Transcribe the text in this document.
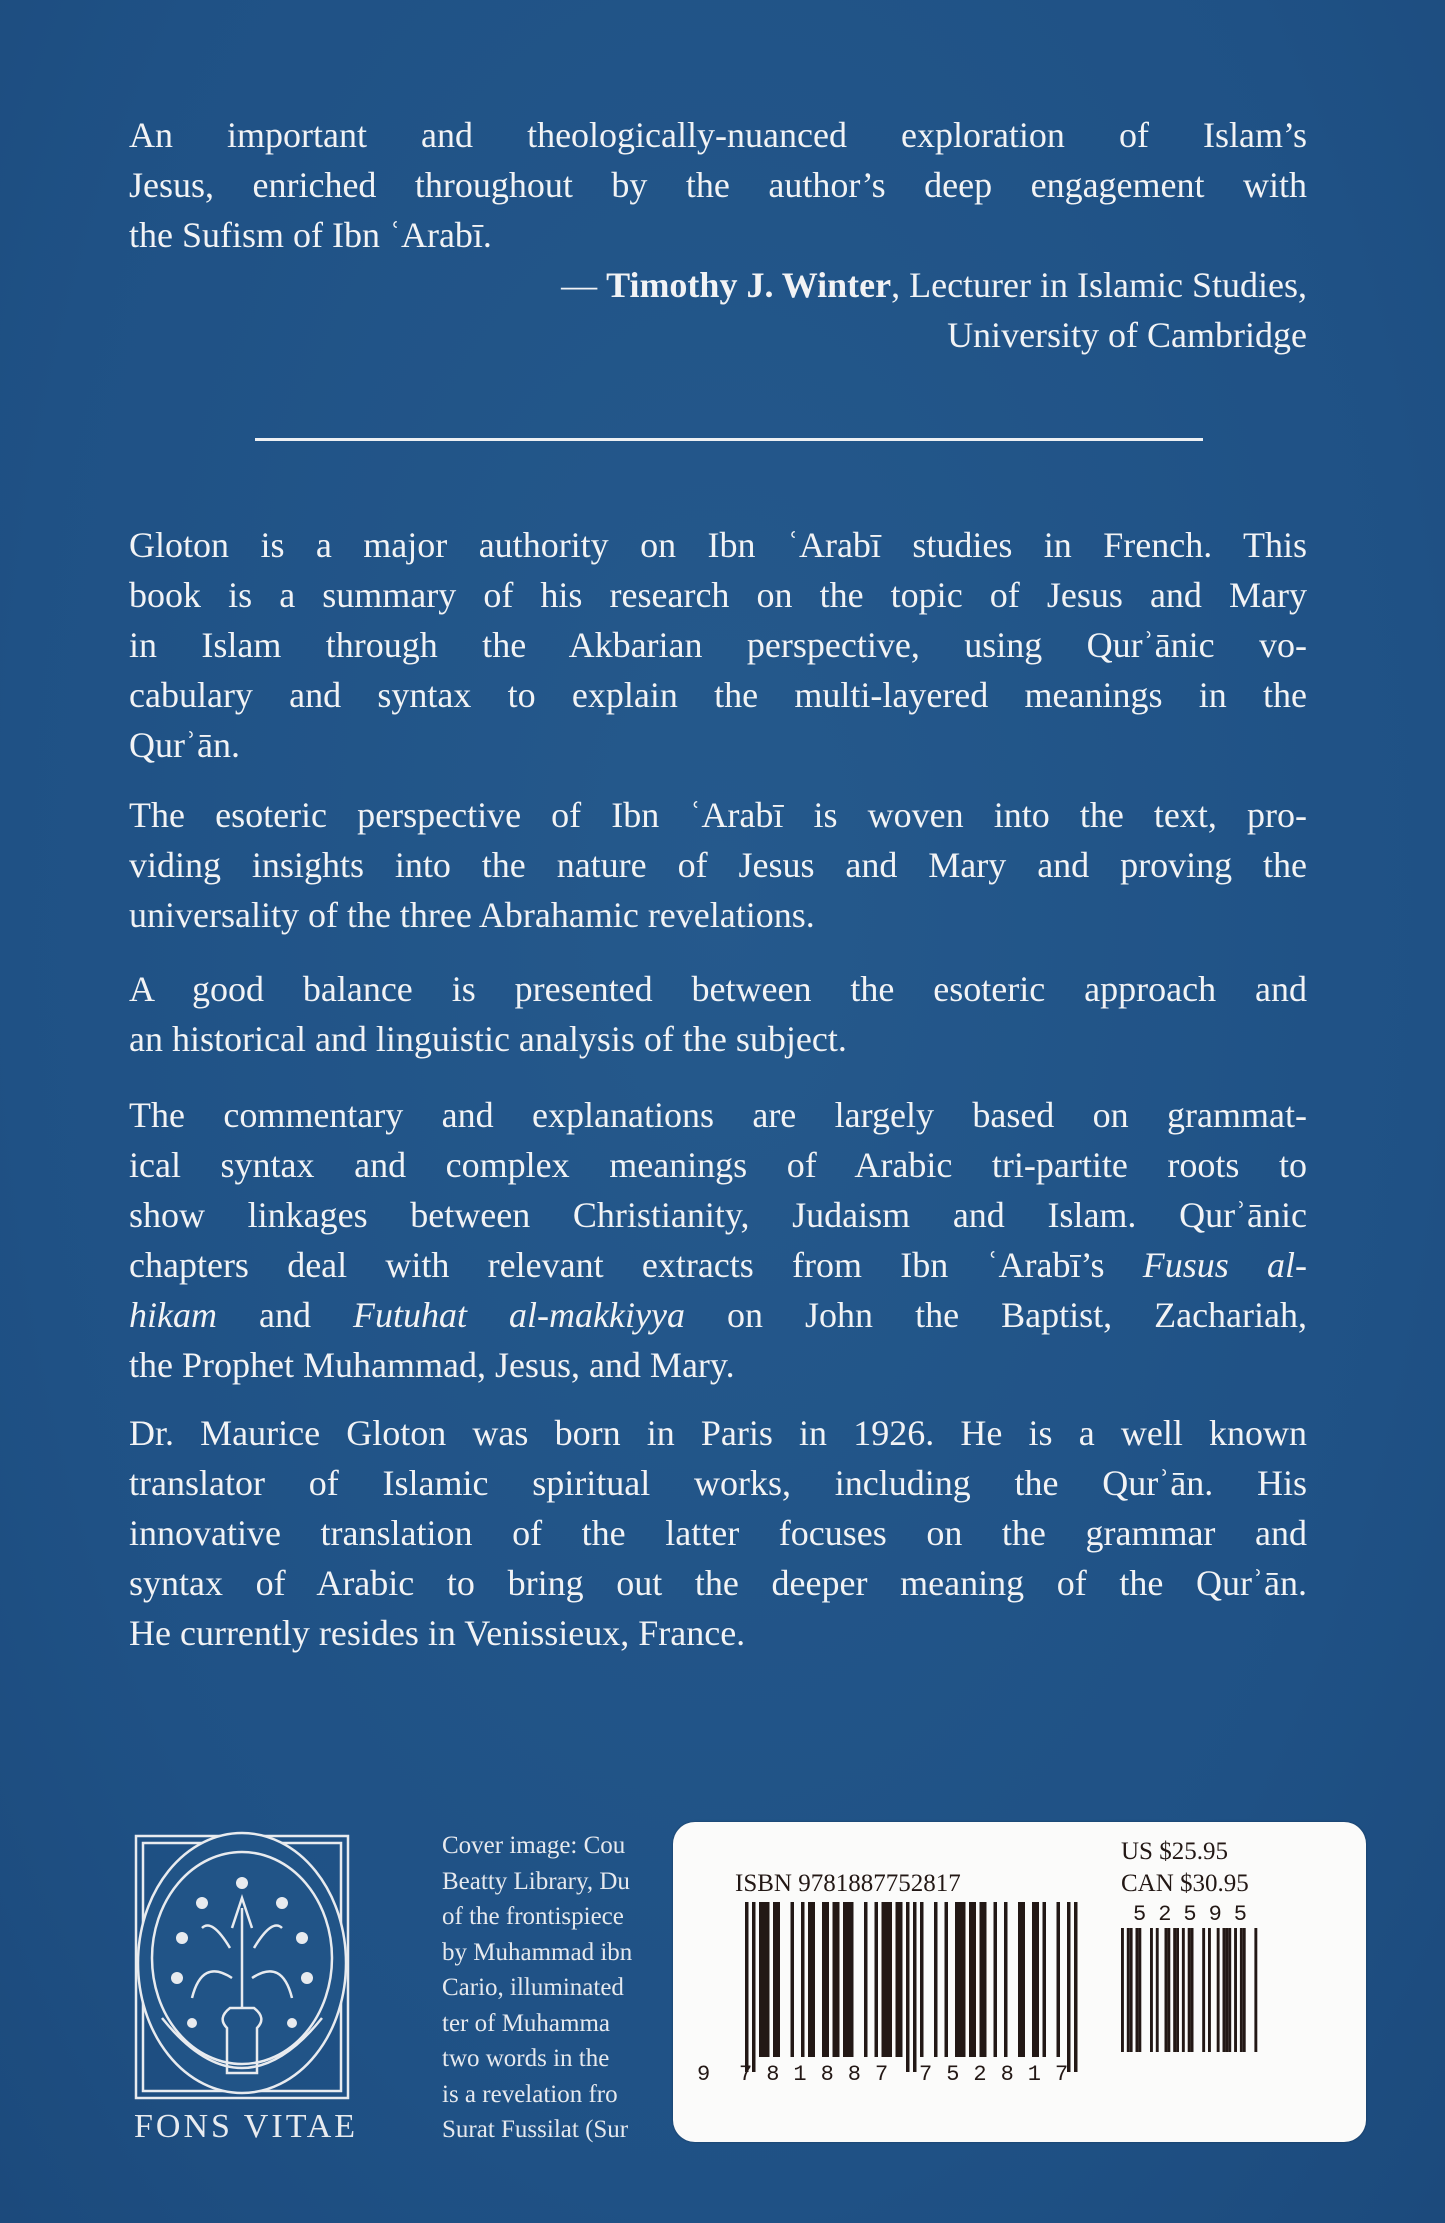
An important and theologically-nuanced exploration of Islam’s
Jesus, enriched throughout by the author’s deep engagement with
the Sufism of Ibn ʿArabī.
— Timothy J. Winter, Lecturer in Islamic Studies,
University of Cambridge
Gloton is a major authority on Ibn ʿArabī studies in French. This
book is a summary of his research on the topic of Jesus and Mary
in Islam through the Akbarian perspective, using Qurʾānic vo-
cabulary and syntax to explain the multi-layered meanings in the
Qurʾān.
The esoteric perspective of Ibn ʿArabī is woven into the text, pro-
viding insights into the nature of Jesus and Mary and proving the
universality of the three Abrahamic revelations.
A good balance is presented between the esoteric approach and
an historical and linguistic analysis of the subject.
The commentary and explanations are largely based on grammat-
ical syntax and complex meanings of Arabic tri-partite roots to
show linkages between Christianity, Judaism and Islam. Qurʾānic
chapters deal with relevant extracts from Ibn ʿArabī’s Fusus al-
hikam and Futuhat al-makkiyya on John the Baptist, Zachariah,
the Prophet Muhammad, Jesus, and Mary.
Dr. Maurice Gloton was born in Paris in 1926. He is a well known
translator of Islamic spiritual works, including the Qurʾān. His
innovative translation of the latter focuses on the grammar and
syntax of Arabic to bring out the deeper meaning of the Qurʾān.
He currently resides in Venissieux, France.
FONS VITAE
Cover image: Cou
Beatty Library, Du
of the frontispiece
by Muhammad ibn
Cario, illuminated
ter of Muhamma
two words in the
is a revelation fro
Surat Fussilat (Sur
ISBN 9781887752817
US $25.95
CAN $30.95
52595
9 781887 752817
